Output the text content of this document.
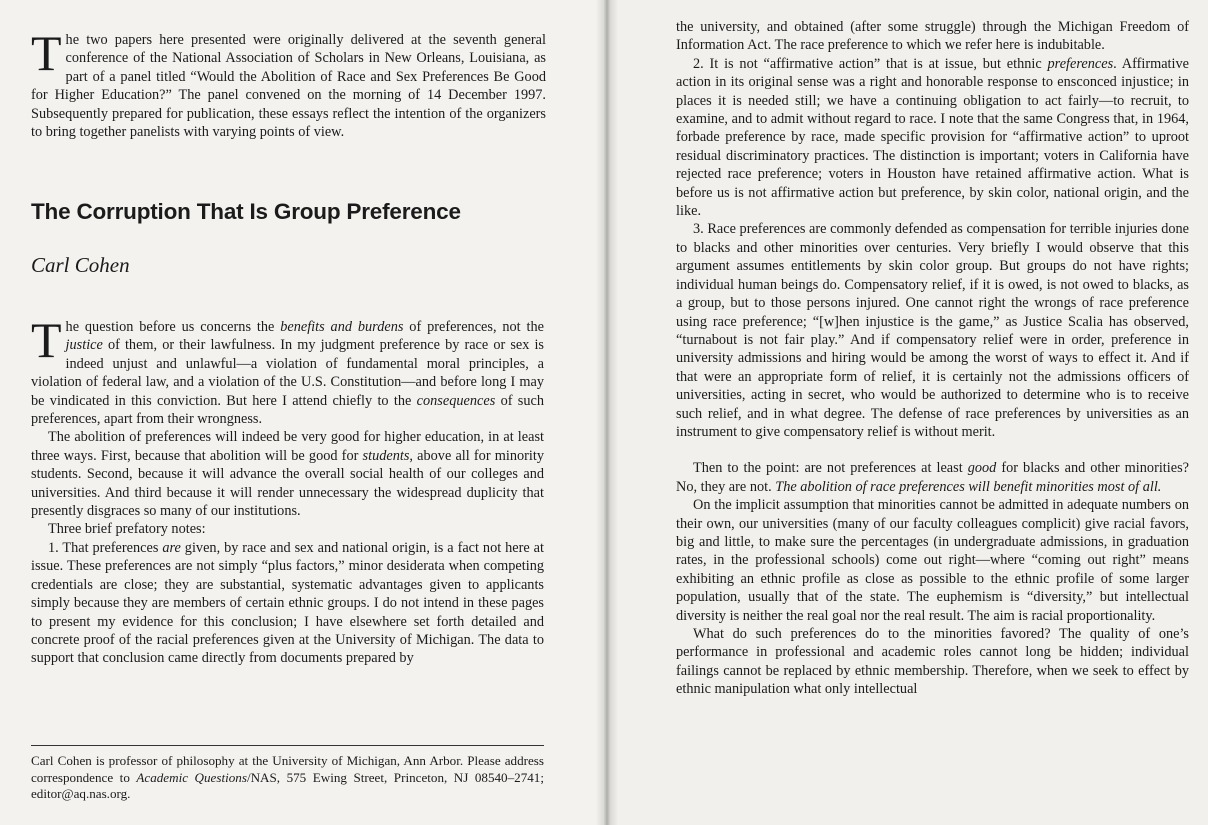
The two papers here presented were originally delivered at the seventh general conference of the National Association of Scholars in New Orleans, Louisiana, as part of a panel titled “Would the Abolition of Race and Sex Preferences Be Good for Higher Education?” The panel convened on the morning of 14 December 1997. Subsequently prepared for publication, these essays reflect the intention of the organizers to bring together panelists with varying points of view.

The Corruption That Is Group Preference
Carl Cohen

The question before us concerns the benefits and burdens of preferences, not the justice of them, or their lawfulness. In my judgment preference by race or sex is indeed unjust and unlawful—a violation of fundamental moral principles, a violation of federal law, and a violation of the U.S. Constitution—and before long I may be vindicated in this conviction. But here I attend chiefly to the consequences of such preferences, apart from their wrongness.

The abolition of preferences will indeed be very good for higher education, in at least three ways. First, because that abolition will be good for students, above all for minority students. Second, because it will advance the overall social health of our colleges and universities. And third because it will render unnecessary the widespread duplicity that presently disgraces so many of our institutions.

Three brief prefatory notes:

1. That preferences are given, by race and sex and national origin, is a fact not here at issue. These preferences are not simply “plus factors,” minor desiderata when competing credentials are close; they are substantial, systematic advantages given to applicants simply because they are members of certain ethnic groups. I do not intend in these pages to present my evidence for this conclusion; I have elsewhere set forth detailed and concrete proof of the racial preferences given at the University of Michigan. The data to support that conclusion came directly from documents prepared by

Carl Cohen is professor of philosophy at the University of Michigan, Ann Arbor. Please address correspondence to Academic Questions/NAS, 575 Ewing Street, Princeton, NJ 08540–2741; editor@aq.nas.org.

the university, and obtained (after some struggle) through the Michigan Freedom of Information Act. The race preference to which we refer here is indubitable.

2. It is not “affirmative action” that is at issue, but ethnic preferences. Affirmative action in its original sense was a right and honorable response to ensconced injustice; in places it is needed still; we have a continuing obligation to act fairly—to recruit, to examine, and to admit without regard to race. I note that the same Congress that, in 1964, forbade preference by race, made specific provision for “affirmative action” to uproot residual discriminatory practices. The distinction is important; voters in California have rejected race preference; voters in Houston have retained affirmative action. What is before us is not affirmative action but preference, by skin color, national origin, and the like.

3. Race preferences are commonly defended as compensation for terrible injuries done to blacks and other minorities over centuries. Very briefly I would observe that this argument assumes entitlements by skin color group. But groups do not have rights; individual human beings do. Compensatory relief, if it is owed, is not owed to blacks, as a group, but to those persons injured. One cannot right the wrongs of race preference using race preference; “[w]hen injustice is the game,” as Justice Scalia has observed, “turnabout is not fair play.” And if compensatory relief were in order, preference in university admissions and hiring would be among the worst of ways to effect it. And if that were an appropriate form of relief, it is certainly not the admissions officers of universities, acting in secret, who would be authorized to determine who is to receive such relief, and in what degree. The defense of race preferences by universities as an instrument to give compensatory relief is without merit.

Then to the point: are not preferences at least good for blacks and other minorities? No, they are not. The abolition of race preferences will benefit minorities most of all.

On the implicit assumption that minorities cannot be admitted in adequate numbers on their own, our universities (many of our faculty colleagues complicit) give racial favors, big and little, to make sure the percentages (in undergraduate admissions, in graduation rates, in the professional schools) come out right—where “coming out right” means exhibiting an ethnic profile as close as possible to the ethnic profile of some larger population, usually that of the state. The euphemism is “diversity,” but intellectual diversity is neither the real goal nor the real result. The aim is racial proportionality.

What do such preferences do to the minorities favored? The quality of one’s performance in professional and academic roles cannot long be hidden; individual failings cannot be replaced by ethnic membership. Therefore, when we seek to effect by ethnic manipulation what only intellectual
